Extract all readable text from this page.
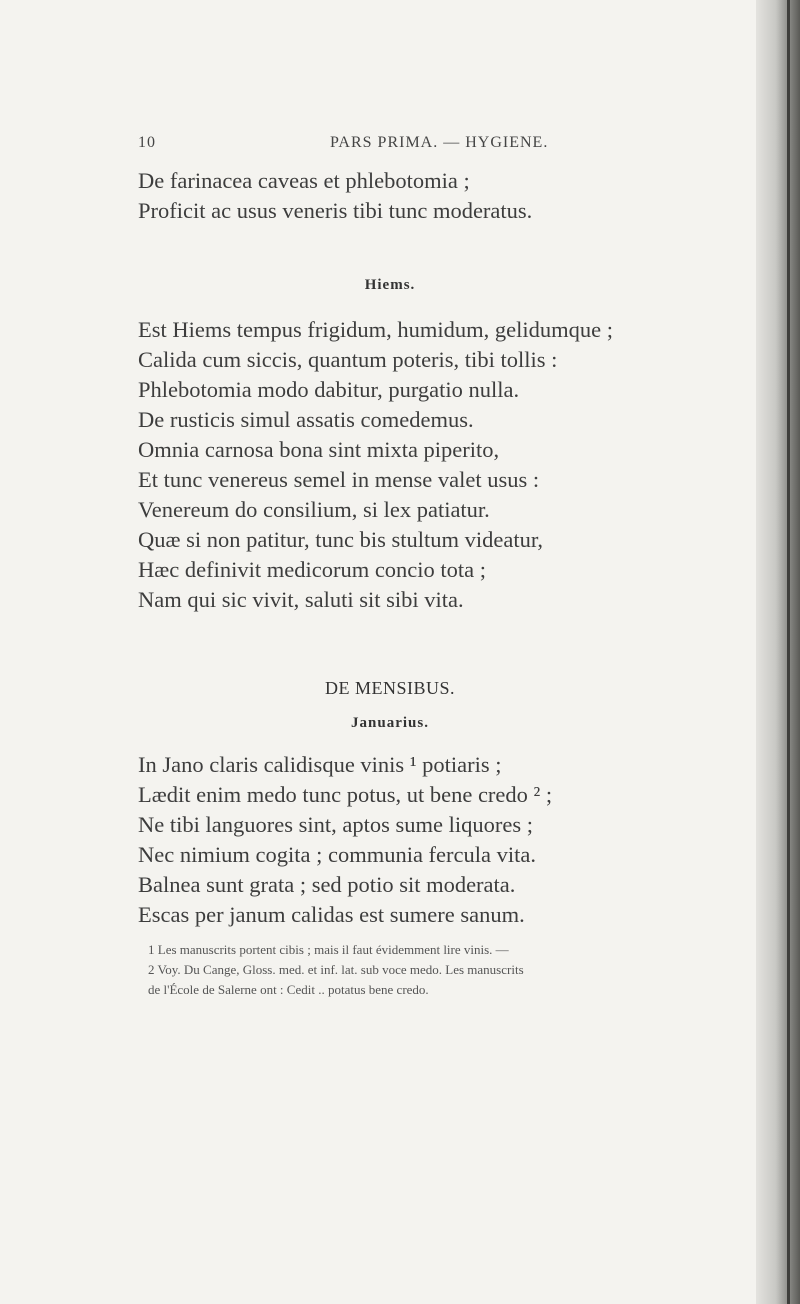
10	PARS PRIMA. — HYGIENE.
De farinacea caveas et phlebotomia ;
Proficit ac usus veneris tibi tunc moderatus.
Hiems.
Est Hiems tempus frigidum, humidum, gelidumque ;
Calida cum siccis, quantum poteris, tibi tollis :
Phlebotomia modo dabitur, purgatio nulla.
De rusticis simul assatis comedemus.
Omnia carnosa bona sint mixta piperito,
Et tunc venereus semel in mense valet usus :
Venereum do consilium, si lex patiatur.
Quæ si non patitur, tunc bis stultum videatur,
Hæc definivit medicorum concio tota ;
Nam qui sic vivit, saluti sit sibi vita.
DE MENSIBUS.
Januarius.
In Jano claris calidisque vinis ¹ potiaris ;
Lædit enim medo tunc potus, ut bene credo ² ;
Ne tibi languores sint, aptos sume liquores ;
Nec nimium cogita ; communia fercula vita.
Balnea sunt grata ; sed potio sit moderata.
Escas per janum calidas est sumere sanum.
1 Les manuscrits portent cibis ; mais il faut évidemment lire vinis. —
2 Voy. Du Cange, Gloss. med. et inf. lat. sub voce medo. Les manuscrits
de l'École de Salerne ont : Cedit .. potatus bene credo.
